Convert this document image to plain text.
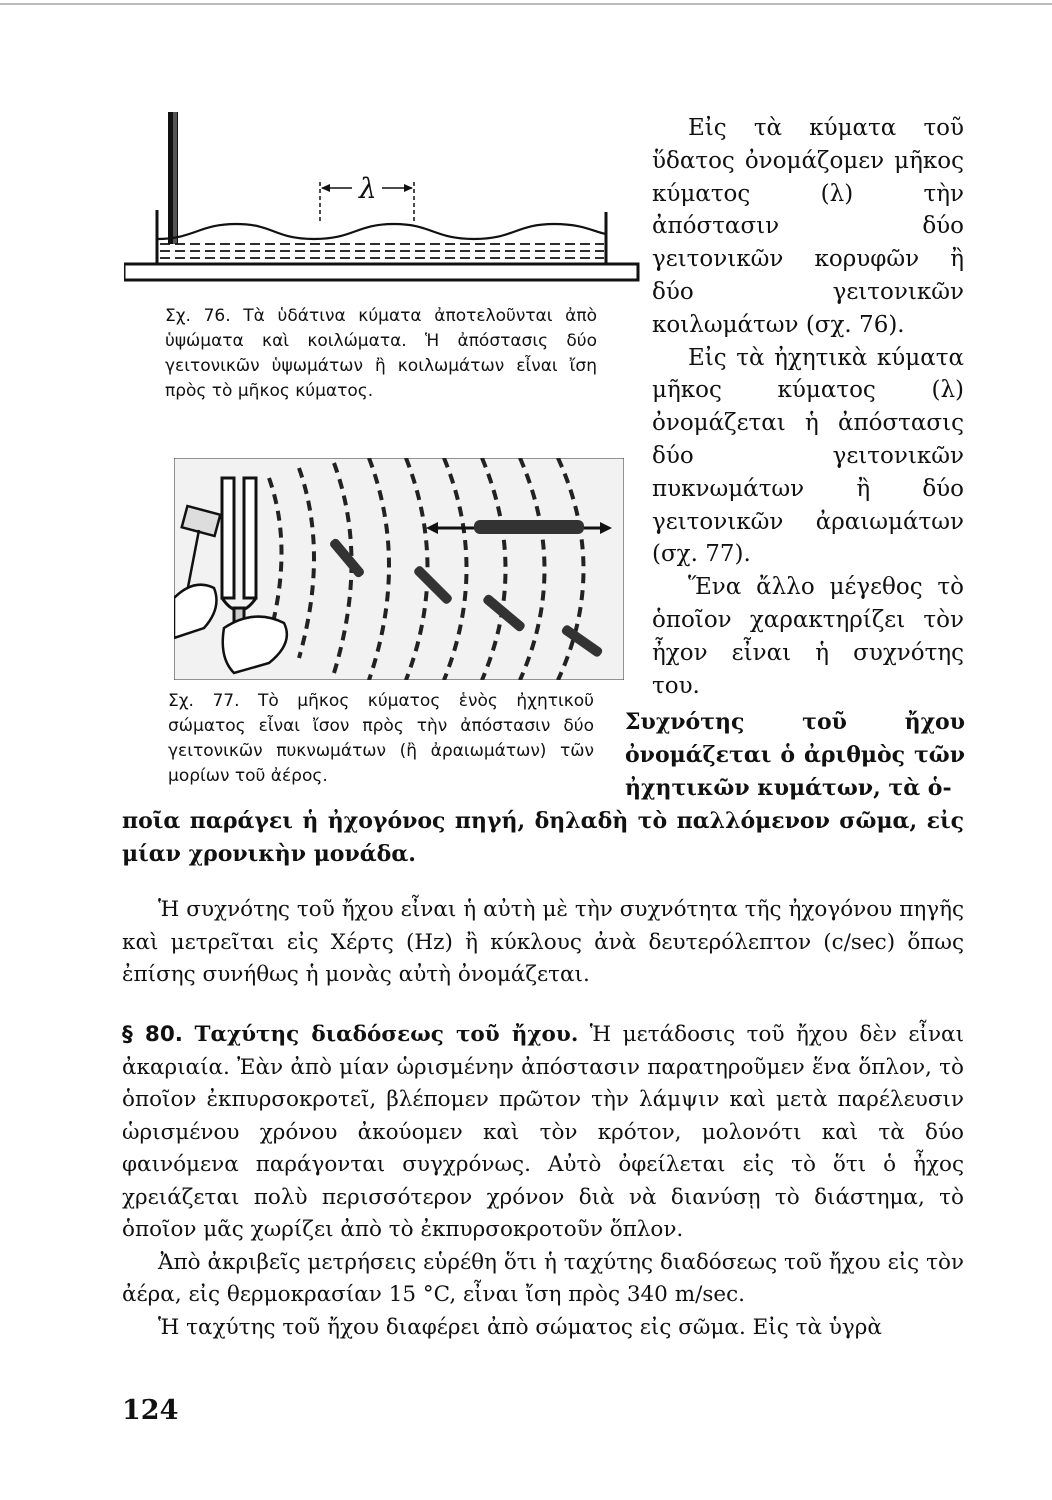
λ
Σχ. 76. Τὰ ὑδάτινα κύματα ἀποτελοῦνται ἀπὸ ὑψώματα καὶ κοιλώματα. Ἡ ἀπόστασις δύο γειτονικῶν ὑψωμάτων ἢ κοιλωμάτων εἶναι ἴση πρὸς τὸ μῆκος κύματος.
Σχ. 77. Τὸ μῆκος κύματος ἑνὸς ἠχητικοῦ σώματος εἶναι ἴσον πρὸς τὴν ἀπόστασιν δύο γειτονικῶν πυκνωμάτων (ἢ ἀραιωμάτων) τῶν μορίων τοῦ ἀέρος.

Εἰς τὰ κύματα τοῦ ὕδατος ὀνομάζομεν μῆκος κύματος (λ) τὴν ἀπόστασιν δύο γειτονικῶν κορυφῶν ἢ δύο γειτονικῶν κοιλωμάτων (σχ. 76).

Εἰς τὰ ἠχητικὰ κύματα μῆκος κύματος (λ) ὀνομάζεται ἡ ἀπόστασις δύο γειτονικῶν πυκνωμάτων ἢ δύο γειτονικῶν ἀραιωμάτων (σχ. 77).

Ἕνα ἄλλο μέγεθος τὸ ὁποῖον χαρακτηρίζει τὸν ἦχον εἶναι ἡ συχνότης του.

Συχνότης τοῦ ἤχου ὀνομάζεται ὁ ἀριθμὸς τῶν ἠχητικῶν κυμάτων, τὰ ὁ-
ποῖα παράγει ἡ ἠχογόνος πηγή, δηλαδὴ τὸ παλλόμενον σῶμα, εἰς μίαν χρονικὴν μονάδα.

Ἡ συχνότης τοῦ ἤχου εἶναι ἡ αὐτὴ μὲ τὴν συχνότητα τῆς ἠχογόνου πηγῆς καὶ μετρεῖται εἰς Χέρτς (Hz) ἢ κύκλους ἀνὰ δευτερόλεπτον (c/sec) ὅπως ἐπίσης συνήθως ἡ μονὰς αὐτὴ ὀνομάζεται.

§ 80. Ταχύτης διαδόσεως τοῦ ἤχου. Ἡ μετάδοσις τοῦ ἤχου δὲν εἶναι ἀκαριαία. Ἐὰν ἀπὸ μίαν ὡρισμένην ἀπόστασιν παρατηροῦμεν ἕνα ὅπλον, τὸ ὁποῖον ἐκπυρσοκροτεῖ, βλέπομεν πρῶτον τὴν λάμψιν καὶ μετὰ παρέλευσιν ὡρισμένου χρόνου ἀκούομεν καὶ τὸν κρότον, μολονότι καὶ τὰ δύο φαινόμενα παράγονται συγχρόνως. Αὐτὸ ὀφείλεται εἰς τὸ ὅτι ὁ ἦχος χρειάζεται πολὺ περισσότερον χρόνον διὰ νὰ διανύσῃ τὸ διάστημα, τὸ ὁποῖον μᾶς χωρίζει ἀπὸ τὸ ἐκπυρσοκροτοῦν ὅπλον.

Ἀπὸ ἀκριβεῖς μετρήσεις εὑρέθη ὅτι ἡ ταχύτης διαδόσεως τοῦ ἤχου εἰς τὸν ἀέρα, εἰς θερμοκρασίαν 15 °C, εἶναι ἴση πρὸς 340 m/sec.

Ἡ ταχύτης τοῦ ἤχου διαφέρει ἀπὸ σώματος εἰς σῶμα. Εἰς τὰ ὑγρὰ

124
